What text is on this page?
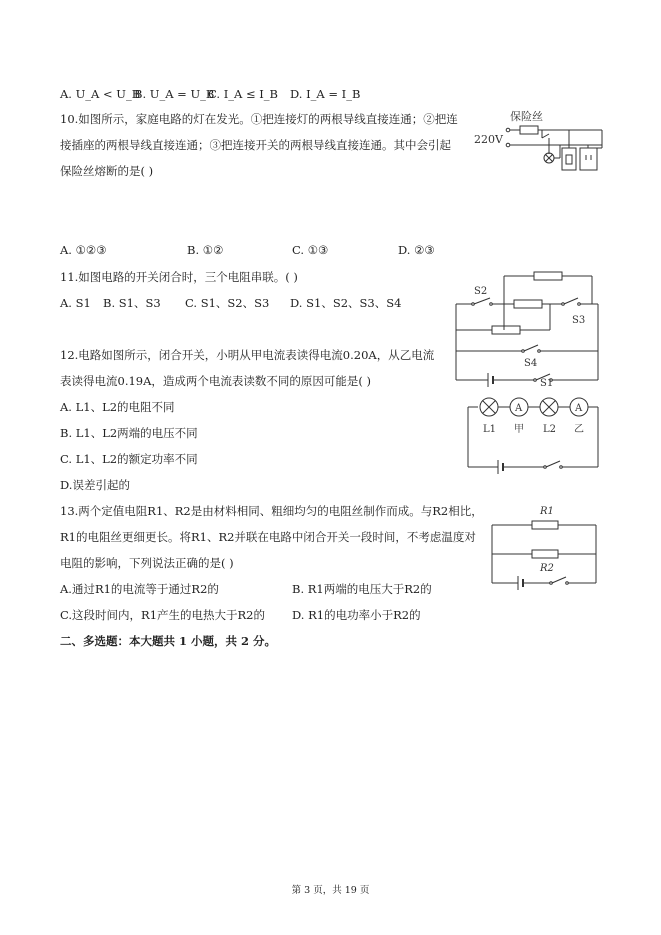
A. U_A < U_B
B. U_A = U_B
C. I_A ≤ I_B D. I_A = I_B
10.如图所示，家庭电路的灯在发光。①把连接灯的两根导线直接连通；②把连
接插座的两根导线直接连通；③把连接开关的两根导线直接连通。其中会引起
保险丝熔断的是( )
保险丝
220V
A. ①②③	B. ①②	C. ①③	D. ②③
11.如图电路的开关闭合时，三个电阻串联。( )
A. S1 B. S1、S3 C. S1、S2、S3 D. S1、S2、S3、S4
S2
S3
S4
12.电路如图所示，闭合开关，小明从甲电流表读得电流0.20A，从乙电流
表读得电流0.19A，造成两个电流表读数不同的原因可能是( )
A. L1、L2的电阻不同
B. L1、L2两端的电压不同
C. L1、L2的额定功率不同
D.误差引起的
S1
A	A
L1 甲 L2 乙
13.两个定值电阻R1、R2是由材料相同、粗细均匀的电阻丝制作而成。与R2相比，
R1的电阻丝更细更长。将R1、R2并联在电路中闭合开关一段时间，不考虑温度对
电阻的影响，下列说法正确的是( )
R1
R2
A.通过R1的电流等于通过R2的	B. R1两端的电压大于R2的
C.这段时间内，R1产生的电热大于R2的 D. R1的电功率小于R2的
二、多选题：本大题共 1 小题，共 2 分。
第 3 页，共 19 页
